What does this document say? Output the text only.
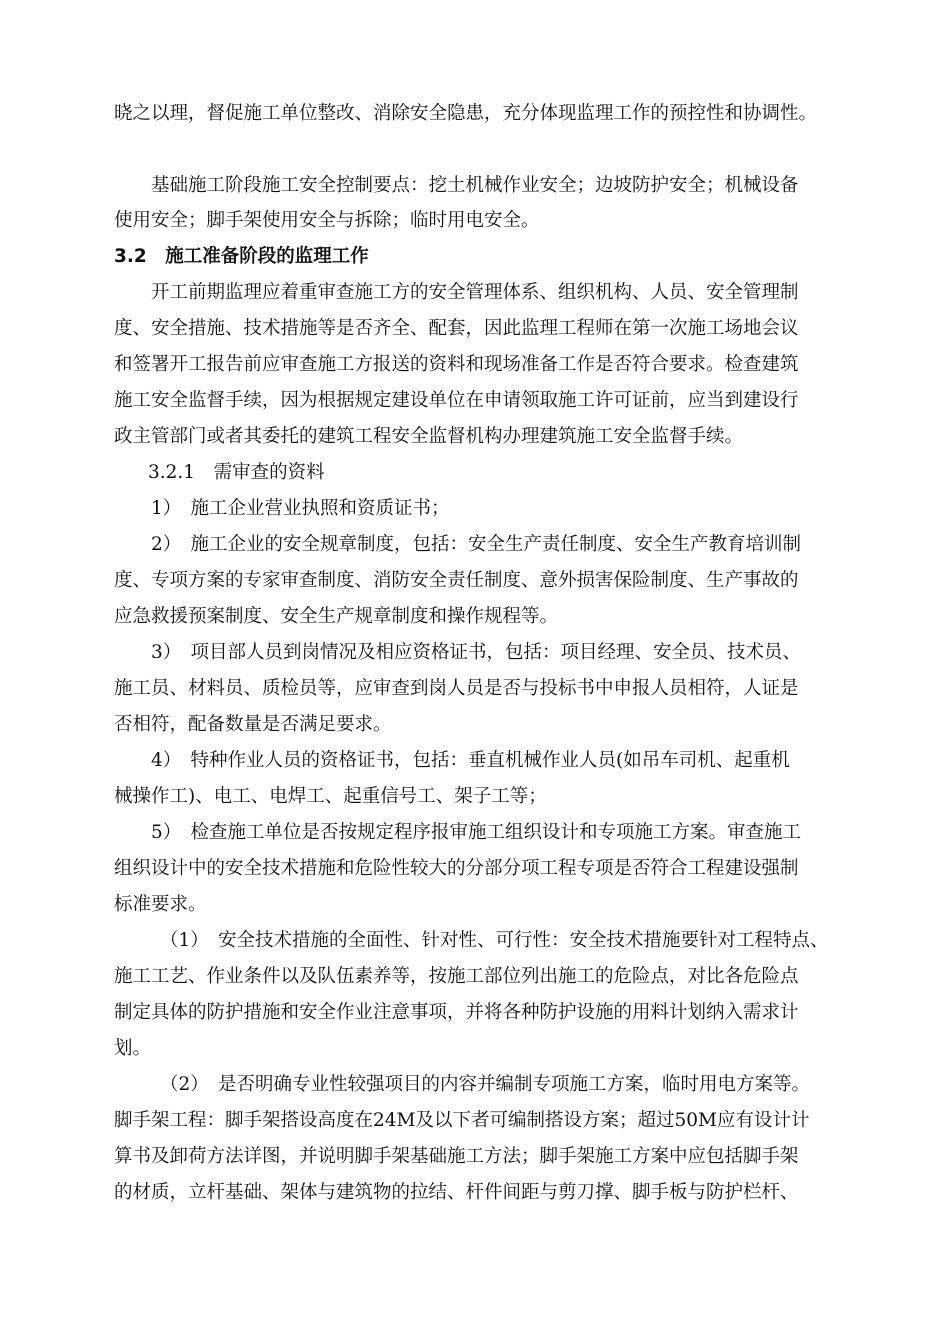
晓之以理，督促施工单位整改、消除安全隐患，充分体现监理工作的预控性和协调性。
基础施工阶段施工安全控制要点：挖土机械作业安全；边坡防护安全；机械设备
使用安全；脚手架使用安全与拆除；临时用电安全。
3.2　施工准备阶段的监理工作
开工前期监理应着重审查施工方的安全管理体系、组织机构、人员、安全管理制
度、安全措施、技术措施等是否齐全、配套，因此监理工程师在第一次施工场地会议
和签署开工报告前应审查施工方报送的资料和现场准备工作是否符合要求。检查建筑
施工安全监督手续，因为根据规定建设单位在申请领取施工许可证前，应当到建设行
政主管部门或者其委托的建筑工程安全监督机构办理建筑施工安全监督手续。
3.2.1　需审查的资料
1）　施工企业营业执照和资质证书；
2）　施工企业的安全规章制度，包括：安全生产责任制度、安全生产教育培训制
度、专项方案的专家审查制度、消防安全责任制度、意外损害保险制度、生产事故的
应急救援预案制度、安全生产规章制度和操作规程等。
3）　项目部人员到岗情况及相应资格证书，包括：项目经理、安全员、技术员、
施工员、材料员、质检员等，应审查到岗人员是否与投标书中申报人员相符，人证是
否相符，配备数量是否满足要求。
4）　特种作业人员的资格证书，包括：垂直机械作业人员(如吊车司机、起重机
械操作工)、电工、电焊工、起重信号工、架子工等；
5）　检查施工单位是否按规定程序报审施工组织设计和专项施工方案。审查施工
组织设计中的安全技术措施和危险性较大的分部分项工程专项是否符合工程建设强制
标准要求。
（1）　安全技术措施的全面性、针对性、可行性：安全技术措施要针对工程特点、
施工工艺、作业条件以及队伍素养等，按施工部位列出施工的危险点，对比各危险点
制定具体的防护措施和安全作业注意事项，并将各种防护设施的用料计划纳入需求计
划。
（2）　是否明确专业性较强项目的内容并编制专项施工方案，临时用电方案等。
脚手架工程：脚手架搭设高度在24M及以下者可编制搭设方案；超过50M应有设计计
算书及卸荷方法详图，并说明脚手架基础施工方法；脚手架施工方案中应包括脚手架
的材质，立杆基础、架体与建筑物的拉结、杆件间距与剪刀撑、脚手板与防护栏杆、
